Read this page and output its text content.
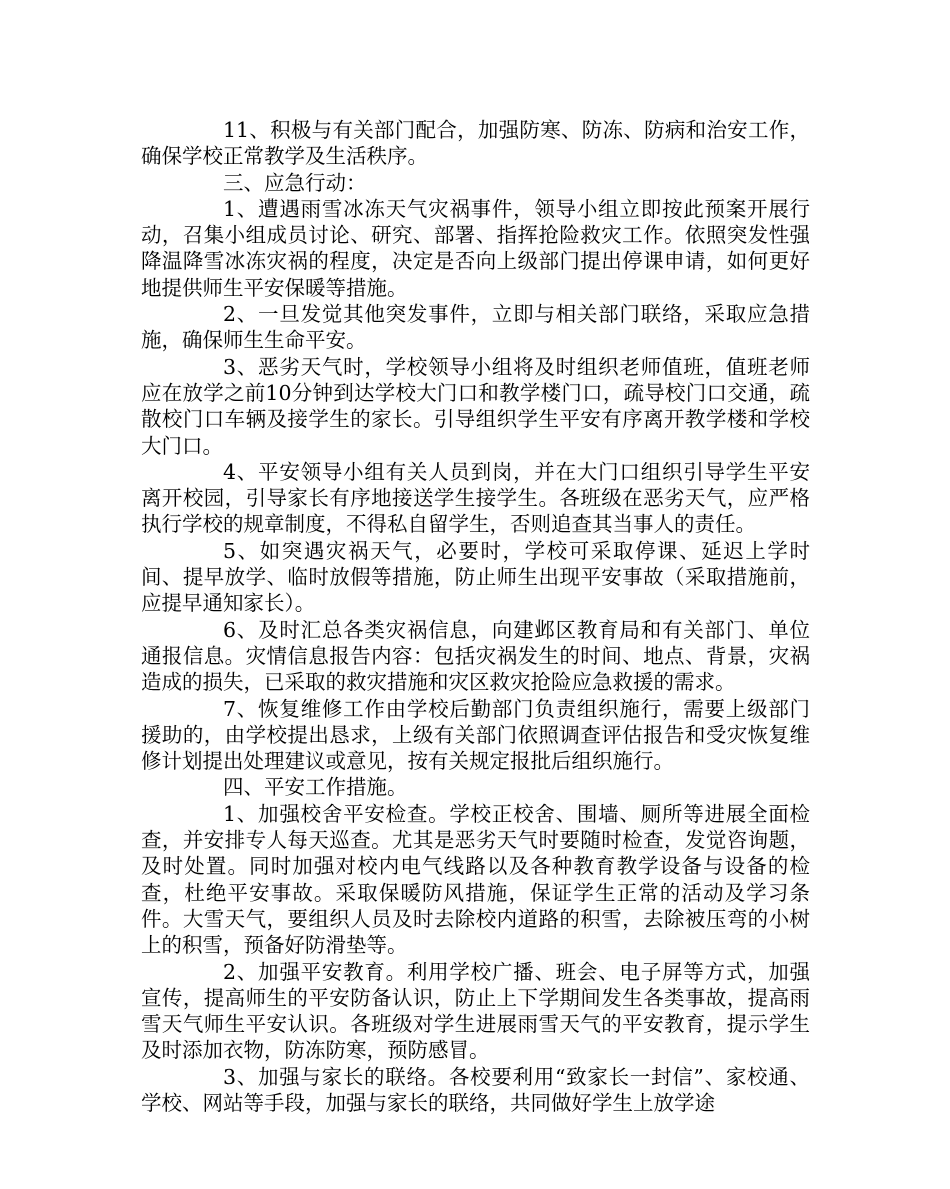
11、积极与有关部门配合，加强防寒、防冻、防病和治安工作，确保学校正常教学及生活秩序。

三、应急行动：

1、遭遇雨雪冰冻天气灾祸事件，领导小组立即按此预案开展行动，召集小组成员讨论、研究、部署、指挥抢险救灾工作。依照突发性强降温降雪冰冻灾祸的程度，决定是否向上级部门提出停课申请，如何更好地提供师生平安保暖等措施。

2、一旦发觉其他突发事件，立即与相关部门联络，采取应急措施，确保师生生命平安。

3、恶劣天气时，学校领导小组将及时组织老师值班，值班老师应在放学之前10分钟到达学校大门口和教学楼门口，疏导校门口交通，疏散校门口车辆及接学生的家长。引导组织学生平安有序离开教学楼和学校大门口。

4、平安领导小组有关人员到岗，并在大门口组织引导学生平安离开校园，引导家长有序地接送学生接学生。各班级在恶劣天气，应严格执行学校的规章制度，不得私自留学生，否则追查其当事人的责任。

5、如突遇灾祸天气，必要时，学校可采取停课、延迟上学时间、提早放学、临时放假等措施，防止师生出现平安事故（采取措施前，应提早通知家长）。

6、及时汇总各类灾祸信息，向建邺区教育局和有关部门、单位通报信息。灾情信息报告内容：包括灾祸发生的时间、地点、背景，灾祸造成的损失，已采取的救灾措施和灾区救灾抢险应急救援的需求。

7、恢复维修工作由学校后勤部门负责组织施行，需要上级部门援助的，由学校提出恳求，上级有关部门依照调查评估报告和受灾恢复维修计划提出处理建议或意见，按有关规定报批后组织施行。

四、平安工作措施。

1、加强校舍平安检查。学校正校舍、围墙、厕所等进展全面检查，并安排专人每天巡查。尤其是恶劣天气时要随时检查，发觉咨询题，及时处置。同时加强对校内电气线路以及各种教育教学设备与设备的检查，杜绝平安事故。采取保暖防风措施，保证学生正常的活动及学习条件。大雪天气，要组织人员及时去除校内道路的积雪，去除被压弯的小树上的积雪，预备好防滑垫等。

2、加强平安教育。利用学校广播、班会、电子屏等方式，加强宣传，提高师生的平安防备认识，防止上下学期间发生各类事故，提高雨雪天气师生平安认识。各班级对学生进展雨雪天气的平安教育，提示学生及时添加衣物，防冻防寒，预防感冒。

3、加强与家长的联络。各校要利用“致家长一封信”、家校通、学校、网站等手段，加强与家长的联络，共同做好学生上放学途
